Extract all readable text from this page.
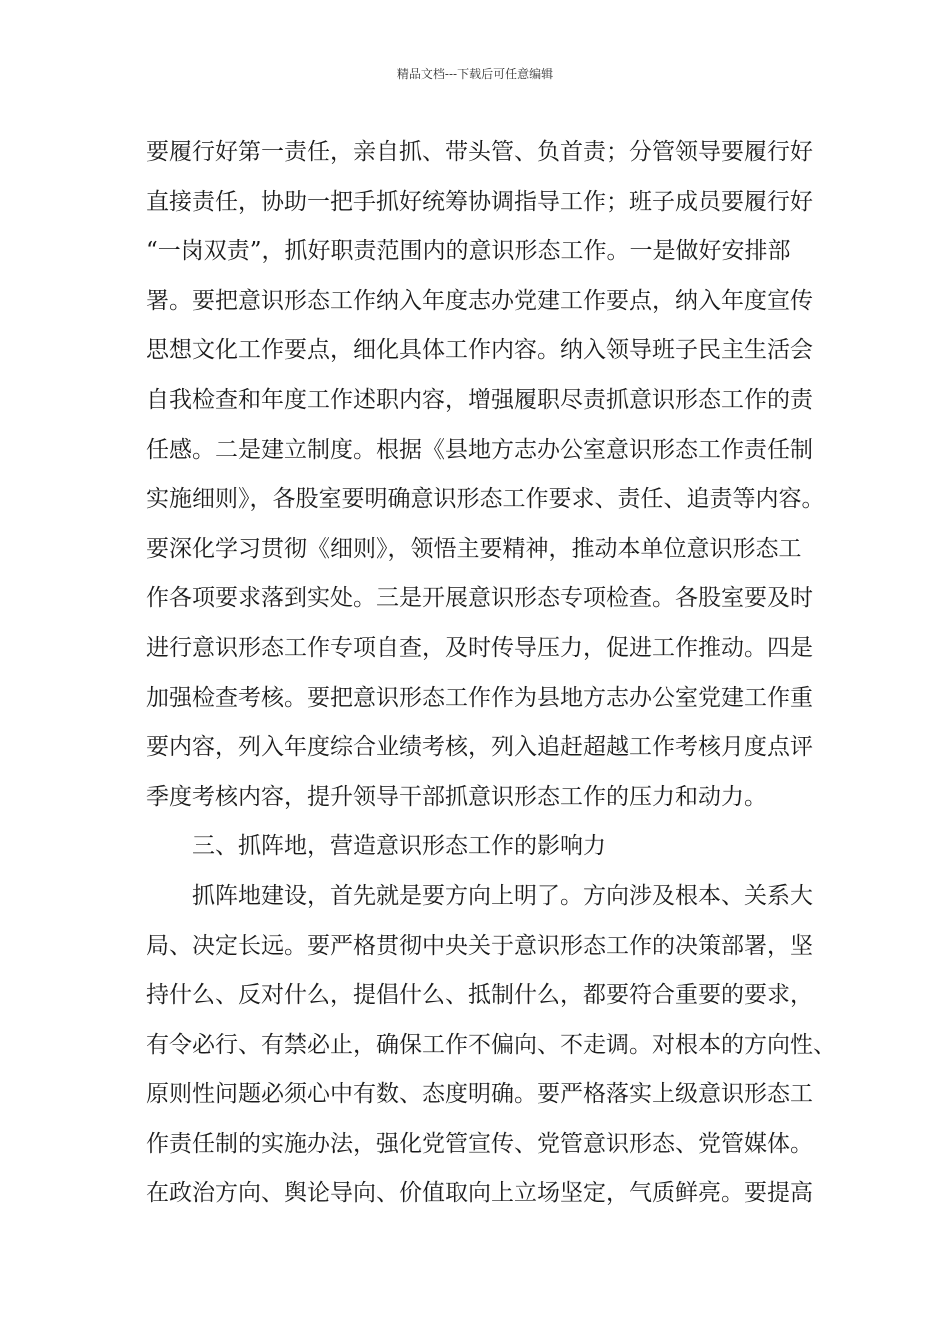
精品文档---下载后可任意编辑
要履行好第一责任，亲自抓、带头管、负首责；分管领导要履行好
直接责任，协助一把手抓好统筹协调指导工作；班子成员要履行好
“一岗双责”，抓好职责范围内的意识形态工作。一是做好安排部
署。要把意识形态工作纳入年度志办党建工作要点，纳入年度宣传
思想文化工作要点，细化具体工作内容。纳入领导班子民主生活会
自我检查和年度工作述职内容，增强履职尽责抓意识形态工作的责
任感。二是建立制度。根据《县地方志办公室意识形态工作责任制
实施细则》，各股室要明确意识形态工作要求、责任、追责等内容。
要深化学习贯彻《细则》，领悟主要精神，推动本单位意识形态工
作各项要求落到实处。三是开展意识形态专项检查。各股室要及时
进行意识形态工作专项自查，及时传导压力，促进工作推动。四是
加强检查考核。要把意识形态工作作为县地方志办公室党建工作重
要内容，列入年度综合业绩考核，列入追赶超越工作考核月度点评
季度考核内容，提升领导干部抓意识形态工作的压力和动力。
三、抓阵地，营造意识形态工作的影响力
抓阵地建设，首先就是要方向上明了。方向涉及根本、关系大
局、决定长远。要严格贯彻中央关于意识形态工作的决策部署，坚
持什么、反对什么，提倡什么、抵制什么，都要符合重要的要求，
有令必行、有禁必止，确保工作不偏向、不走调。对根本的方向性、
原则性问题必须心中有数、态度明确。要严格落实上级意识形态工
作责任制的实施办法，强化党管宣传、党管意识形态、党管媒体。
在政治方向、舆论导向、价值取向上立场坚定，气质鲜亮。要提高
